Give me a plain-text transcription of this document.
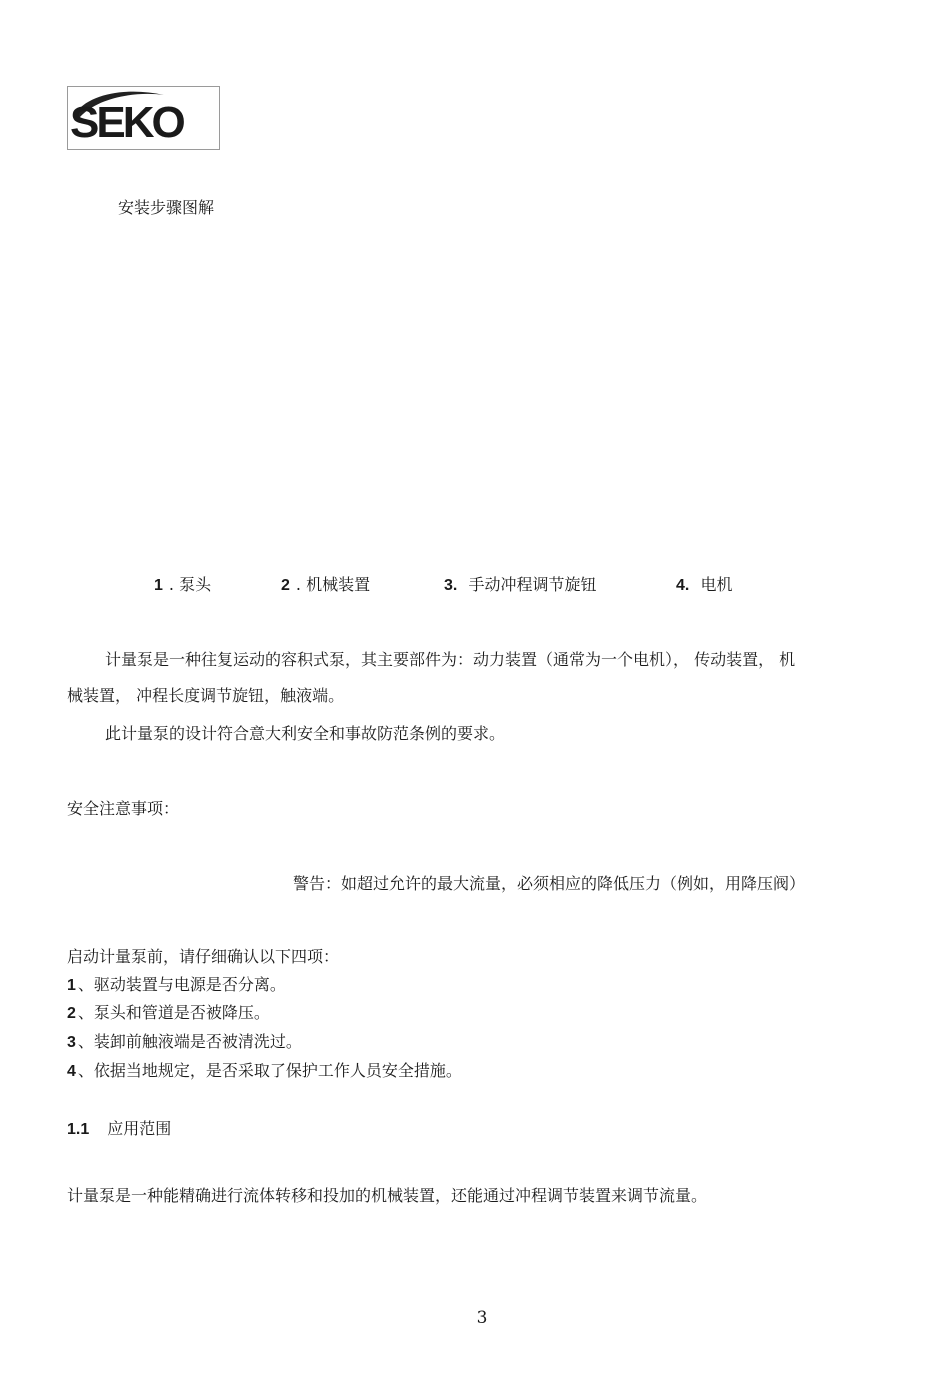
SEKO
安装步骤图解
1 . 泵头	2 . 机械装置	3. 手动冲程调节旋钮	4. 电机
计量泵是一种往复运动的容积式泵，其主要部件为：动力装置（通常为一个电机）， 传动装置， 机
械装置， 冲程长度调节旋钮，触液端。
此计量泵的设计符合意大利安全和事故防范条例的要求。
安全注意事项：
警告：如超过允许的最大流量，必须相应的降低压力（例如，用降压阀）
启动计量泵前，请仔细确认以下四项：
1 、驱动装置与电源是否分离。
2 、泵头和管道是否被降压。
3 、装卸前触液端是否被清洗过。
4 、依据当地规定，是否采取了保护工作人员安全措施。
1.1 应用范围
计量泵是一种能精确进行流体转移和投加的机械装置，还能通过冲程调节装置来调节流量。
3
